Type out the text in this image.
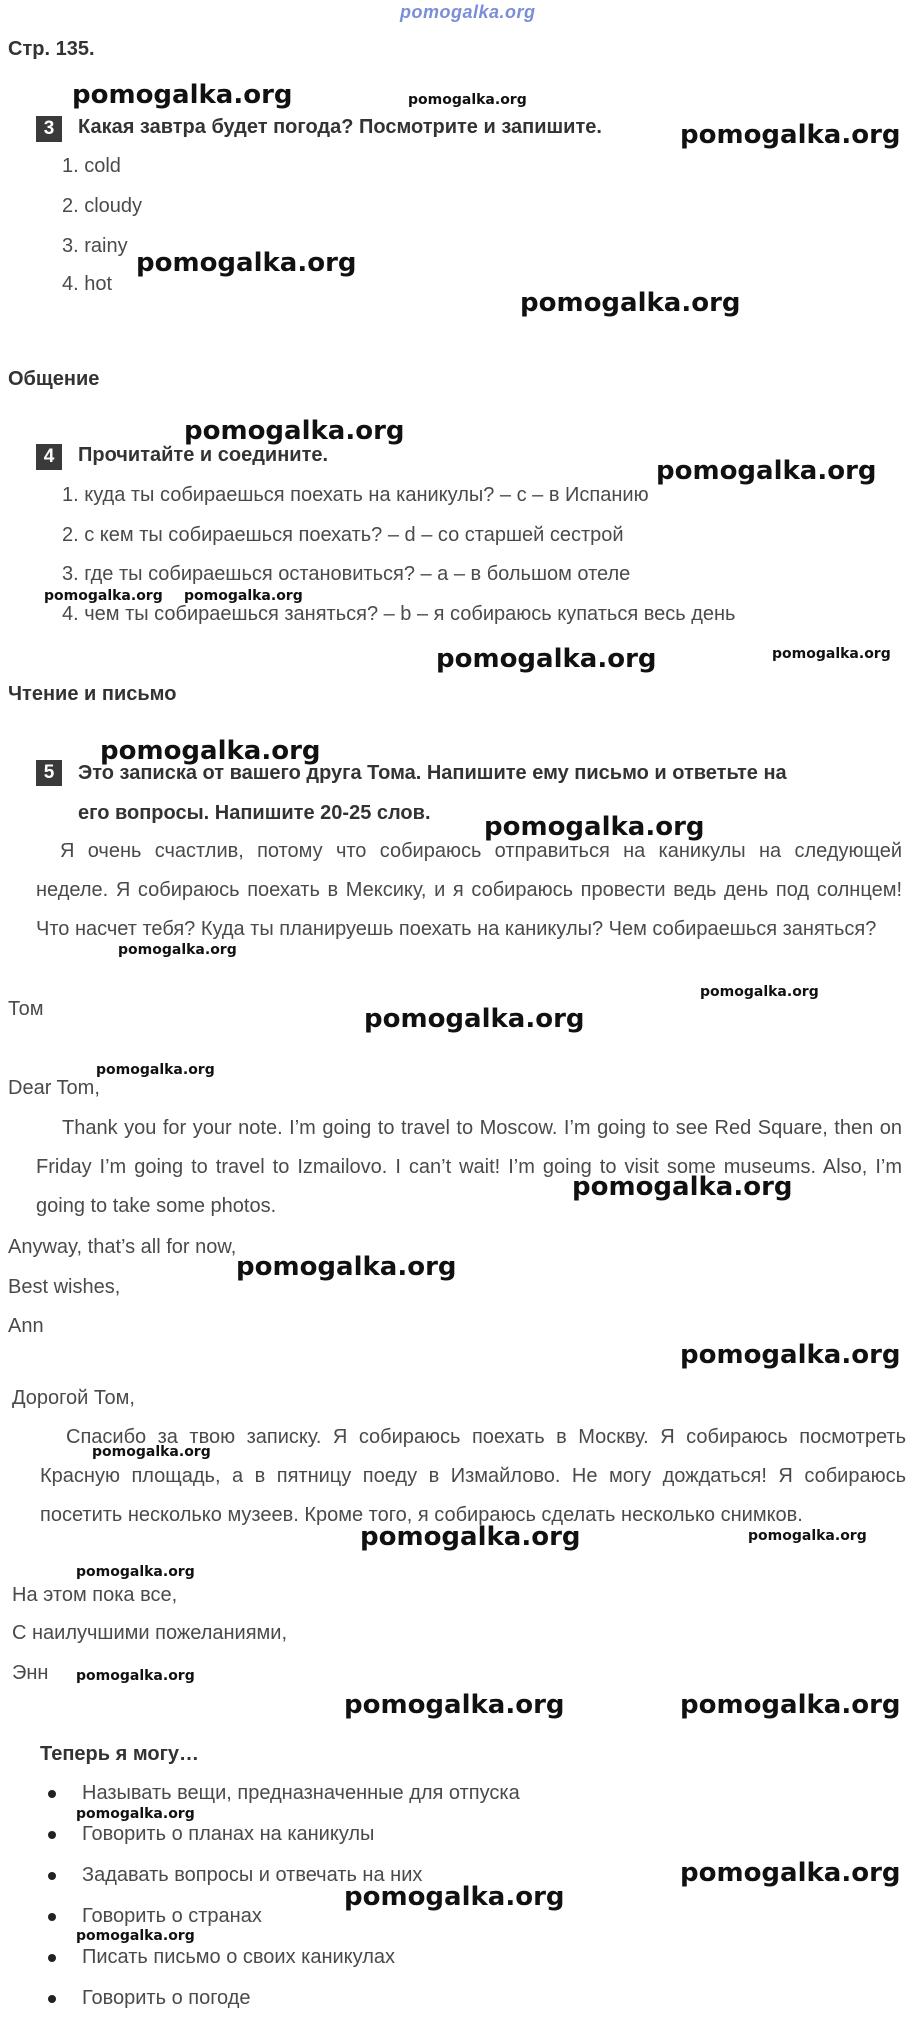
pomogalka.org
Стр. 135.
3	Какая завтра будет погода? Посмотрите и запишите.
1. cold
2. cloudy
3. rainy
4. hot
Общение
4	Прочитайте и соедините.
1. куда ты собираешься поехать на каникулы? – c – в Испанию
2. с кем ты собираешься поехать? – d – со старшей сестрой
3. где ты собираешься остановиться? – a – в большом отеле
4. чем ты собираешься заняться? – b – я собираюсь купаться весь день
Чтение и письмо
5	Это записка от вашего друга Тома. Напишите ему письмо и ответьте на
его вопросы. Напишите 20-25 слов.
Я очень счастлив, потому что собираюсь отправиться на каникулы на следующей неделе. Я собираюсь поехать в Мексику, и я собираюсь провести ведь день под солнцем! Что насчет тебя? Куда ты планируешь поехать на каникулы? Чем собираешься заняться?
Том
Dear Tom,
Thank you for your note. I’m going to travel to Moscow. I’m going to see Red Square, then on Friday I’m going to travel to Izmailovo. I can’t wait! I’m going to visit some museums. Also, I’m going to take some photos.
Anyway, that’s all for now,
Best wishes,
Ann
Дорогой Том,
Спасибо за твою записку. Я собираюсь поехать в Москву. Я собираюсь посмотреть Красную площадь, а в пятницу поеду в Измайлово. Не могу дождаться! Я собираюсь посетить несколько музеев. Кроме того, я собираюсь сделать несколько снимков.
На этом пока все,
С наилучшими пожеланиями,
Энн
Теперь я могу…
Называть вещи, предназначенные для отпуска
Говорить о планах на каникулы
Задавать вопросы и отвечать на них
Говорить о странах
Писать письмо о своих каникулах
Говорить о погоде
pomogalka.org
pomogalka.org
pomogalka.org
pomogalka.org
pomogalka.org
pomogalka.org
pomogalka.org
pomogalka.org
pomogalka.org
pomogalka.org
pomogalka.org
pomogalka.org
pomogalka.org
pomogalka.org
pomogalka.org	pomogalka.org
pomogalka.org
pomogalka.org
pomogalka.org
pomogalka.org pomogalka.org
pomogalka.org
pomogalka.org
pomogalka.org
pomogalka.org
pomogalka.org
pomogalka.org
pomogalka.org
pomogalka.org
pomogalka.org
pomogalka.org
